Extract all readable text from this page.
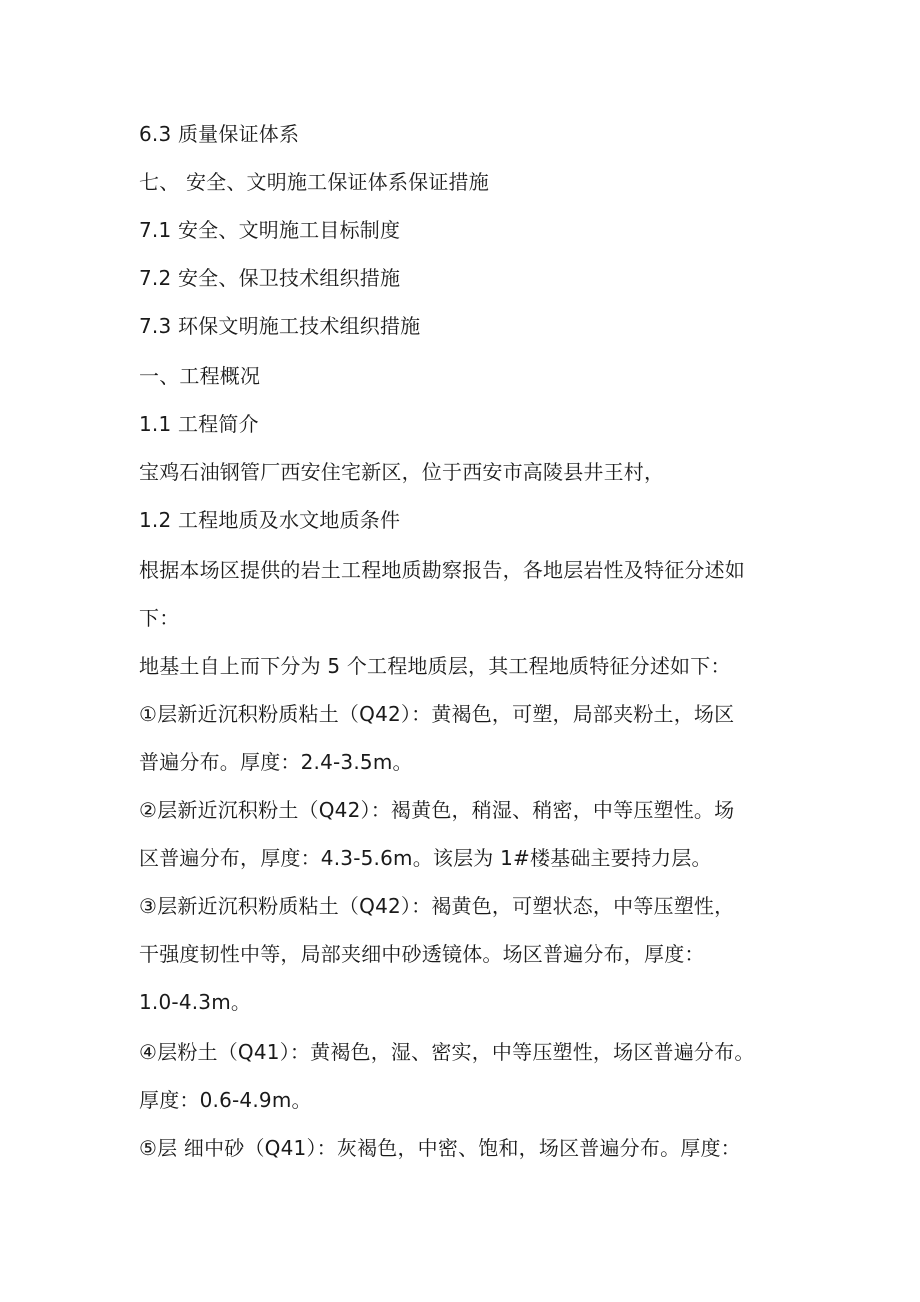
6.3 质量保证体系
七、 安全、文明施工保证体系保证措施
7.1 安全、文明施工目标制度
7.2 安全、保卫技术组织措施
7.3 环保文明施工技术组织措施
一、工程概况
1.1 工程简介
宝鸡石油钢管厂西安住宅新区，位于西安市高陵县井王村，
1.2 工程地质及水文地质条件
根据本场区提供的岩土工程地质勘察报告，各地层岩性及特征分述如
下：
地基土自上而下分为 5 个工程地质层，其工程地质特征分述如下：
①层新近沉积粉质粘土（Q42）：黄褐色，可塑，局部夹粉土，场区
普遍分布。厚度：2.4-3.5m。
②层新近沉积粉土（Q42）：褐黄色，稍湿、稍密，中等压塑性。场
区普遍分布，厚度：4.3-5.6m。该层为 1#楼基础主要持力层。
③层新近沉积粉质粘土（Q42）：褐黄色，可塑状态，中等压塑性，
干强度韧性中等，局部夹细中砂透镜体。场区普遍分布，厚度：
1.0-4.3m。
④层粉土（Q41）：黄褐色，湿、密实，中等压塑性，场区普遍分布。
厚度：0.6-4.9m。
⑤层 细中砂（Q41）：灰褐色，中密、饱和，场区普遍分布。厚度：
